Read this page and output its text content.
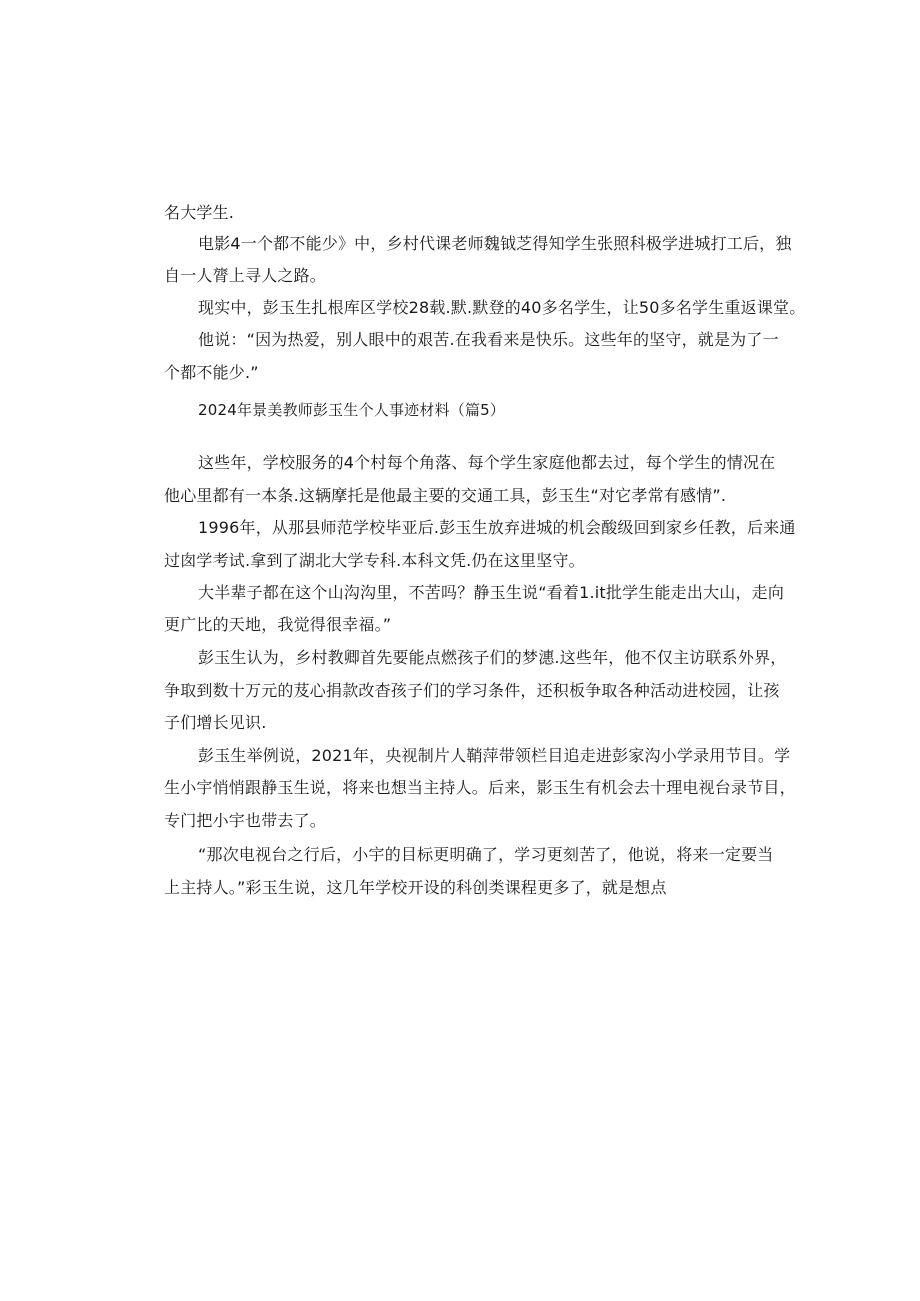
名大学生.
电影4一个都不能少》中，乡村代课老师魏钺芝得知学生张照科极学进城打工后，独
自一人膂上寻人之路。
现实中，彭玉生扎根库区学校28载.默.默登的40多名学生，让50多名学生重返课堂。
他说：“因为热爱，别人眼中的艰苦.在我看来是快乐。这些年的坚守，就是为了一
个都不能少.”
2024年景美教师彭玉生个人事迹材料（篇5）
这些年，学校服务的4个村每个角落、每个学生家庭他都去过，每个学生的情况在
他心里都有一本条.这辆摩托是他最主要的交通工具，彭玉生“对它孝常有感情”.
1996年，从那县师范学校毕亚后.彭玉生放弃进城的机会酸级回到家乡任教，后来通
过囱学考试.拿到了湖北大学专科.本科文凭.仍在这里坚守。
大半辈子都在这个山沟沟里，不苦吗？静玉生说“看着1.it批学生能走出大山，走向
更广比的天地，我觉得很幸福。”
彭玉生认为，乡村教卿首先要能点燃孩子们的梦潓.这些年，他不仅主访联系外界，
争取到数十万元的芨心捐款改杳孩子们的学习条件，还积板争取各种活动进校园，让孩
子们增长见识.
彭玉生举例说，2021年，央视制片人鞘萍带领栏目追走进彭家沟小学录用节目。学
生小宇悄悄跟静玉生说，将来也想当主持人。后来，影玉生有机会去十理电视台录节目，
专门把小宇也带去了。
“那次电视台之行后，小宇的目标更明确了，学习更刻苦了，他说，将来一定要当
上主持人。”彩玉生说，这几年学校开设的科创类课程更多了，就是想点
